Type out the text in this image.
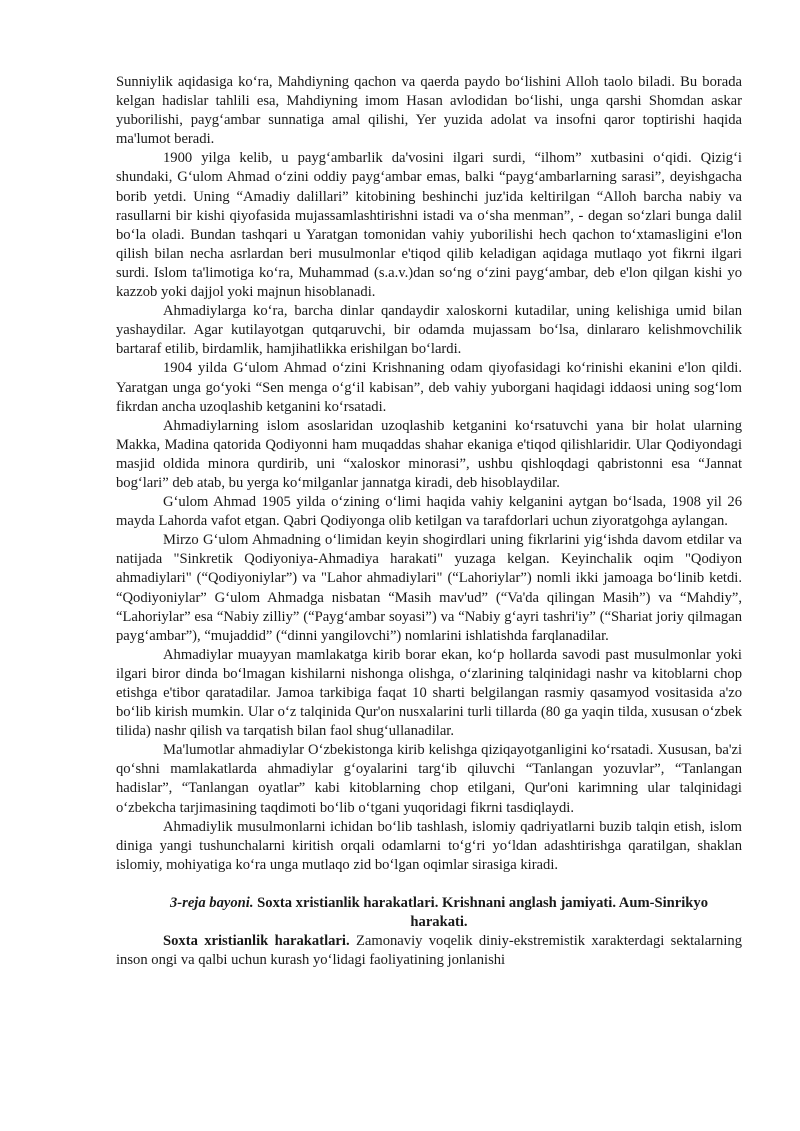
Sunniylik aqidasiga ko‘ra, Mahdiyning qachon va qaerda paydo bo‘lishini Alloh taolo biladi. Bu borada kelgan hadislar tahlili esa, Mahdiyning imom Hasan avlodidan bo‘lishi, unga qarshi Shomdan askar yuborilishi, payg‘ambar sunnatiga amal qilishi, Yer yuzida adolat va insofni qaror toptirishi haqida ma'lumot beradi.

1900 yilga kelib, u payg‘ambarlik da'vosini ilgari surdi, “ilhom” xutbasini o‘qidi. Qizig‘i shundaki, G‘ulom Ahmad o‘zini oddiy payg‘ambar emas, balki “payg‘ambarlarning sarasi”, deyishgacha borib yetdi. Uning “Amadiy dalillari” kitobining beshinchi juz'ida keltirilgan “Alloh barcha nabiy va rasullarni bir kishi qiyofasida mujassamlashtirishni istadi va o‘sha menman”, - degan so‘zlari bunga dalil bo‘la oladi. Bundan tashqari u Yaratgan tomonidan vahiy yuborilishi hech qachon to‘xtamasligini e'lon qilish bilan necha asrlardan beri musulmonlar e'tiqod qilib keladigan aqidaga mutlaqo yot fikrni ilgari surdi. Islom ta'limotiga ko‘ra, Muhammad (s.a.v.)dan so‘ng o‘zini payg‘ambar, deb e'lon qilgan kishi yo kazzob yoki dajjol yoki majnun hisoblanadi.

Ahmadiylarga ko‘ra, barcha dinlar qandaydir xaloskorni kutadilar, uning kelishiga umid bilan yashaydilar. Agar kutilayotgan qutqaruvchi, bir odamda mujassam bo‘lsa, dinlararo kelishmovchilik bartaraf etilib, birdamlik, hamjihatlikka erishilgan bo‘lardi.

1904 yilda G‘ulom Ahmad o‘zini Krishnaning odam qiyofasidagi ko‘rinishi ekanini e'lon qildi. Yaratgan unga go‘yoki “Sen menga o‘g‘il kabisan”, deb vahiy yuborgani haqidagi iddaosi uning sog‘lom fikrdan ancha uzoqlashib ketganini ko‘rsatadi.

Ahmadiylarning islom asoslaridan uzoqlashib ketganini ko‘rsatuvchi yana bir holat ularning Makka, Madina qatorida Qodiyonni ham muqaddas shahar ekaniga e'tiqod qilishlaridir. Ular Qodiyondagi masjid oldida minora qurdirib, uni “xaloskor minorasi”, ushbu qishloqdagi qabristonni esa “Jannat bog‘lari” deb atab, bu yerga ko‘milganlar jannatga kiradi, deb hisoblaydilar.

G‘ulom Ahmad 1905 yilda o‘zining o‘limi haqida vahiy kelganini aytgan bo‘lsada, 1908 yil 26 mayda Lahorda vafot etgan. Qabri Qodiyonga olib ketilgan va tarafdorlari uchun ziyoratgohga aylangan.

Mirzo G‘ulom Ahmadning o‘limidan keyin shogirdlari uning fikrlarini yig‘ishda davom etdilar va natijada "Sinkretik Qodiyoniya-Ahmadiya harakati" yuzaga kelgan. Keyinchalik oqim "Qodiyon ahmadiylari" (“Qodiyoniylar”) va "Lahor ahmadiylari" (“Lahoriylar”) nomli ikki jamoaga bo‘linib ketdi. “Qodiyoniylar” G‘ulom Ahmadga nisbatan “Masih mav'ud” (“Va'da qilingan Masih”) va “Mahdiy”, “Lahoriylar” esa “Nabiy zilliy” (“Payg‘ambar soyasi”) va “Nabiy g‘ayri tashri'iy” (“Shariat joriy qilmagan payg‘ambar”), “mujaddid” (“dinni yangilovchi”) nomlarini ishlatishda farqlanadilar.

Ahmadiylar muayyan mamlakatga kirib borar ekan, ko‘p hollarda savodi past musulmonlar yoki ilgari biror dinda bo‘lmagan kishilarni nishonga olishga, o‘zlarining talqinidagi nashr va kitoblarni chop etishga e'tibor qaratadilar. Jamoa tarkibiga faqat 10 sharti belgilangan rasmiy qasamyod vositasida a'zo bo‘lib kirish mumkin. Ular o‘z talqinida Qur'on nusxalarini turli tillarda (80 ga yaqin tilda, xususan o‘zbek tilida) nashr qilish va tarqatish bilan faol shug‘ullanadilar.

Ma'lumotlar ahmadiylar O‘zbekistonga kirib kelishga qiziqayotganligini ko‘rsatadi. Xususan, ba'zi qo‘shni mamlakatlarda ahmadiylar g‘oyalarini targ‘ib qiluvchi “Tanlangan yozuvlar”, “Tanlangan hadislar”, “Tanlangan oyatlar” kabi kitoblarning chop etilgani, Qur'oni karimning ular talqinidagi o‘zbekcha tarjimasining taqdimoti bo‘lib o‘tgani yuqoridagi fikrni tasdiqlaydi.

Ahmadiylik musulmonlarni ichidan bo‘lib tashlash, islomiy qadriyatlarni buzib talqin etish, islom diniga yangi tushunchalarni kiritish orqali odamlarni to‘g‘ri yo‘ldan adashtirishga qaratilgan, shaklan islomiy, mohiyatiga ko‘ra unga mutlaqo zid bo‘lgan oqimlar sirasiga kiradi.

3-reja bayoni. Soxta xristianlik harakatlari. Krishnani anglash jamiyati. Aum-Sinrikyo harakati.

Soxta xristianlik harakatlari. Zamonaviy voqelik diniy-ekstremistik xarakterdagi sektalarning inson ongi va qalbi uchun kurash yo‘lidagi faoliyatining jonlanishi
